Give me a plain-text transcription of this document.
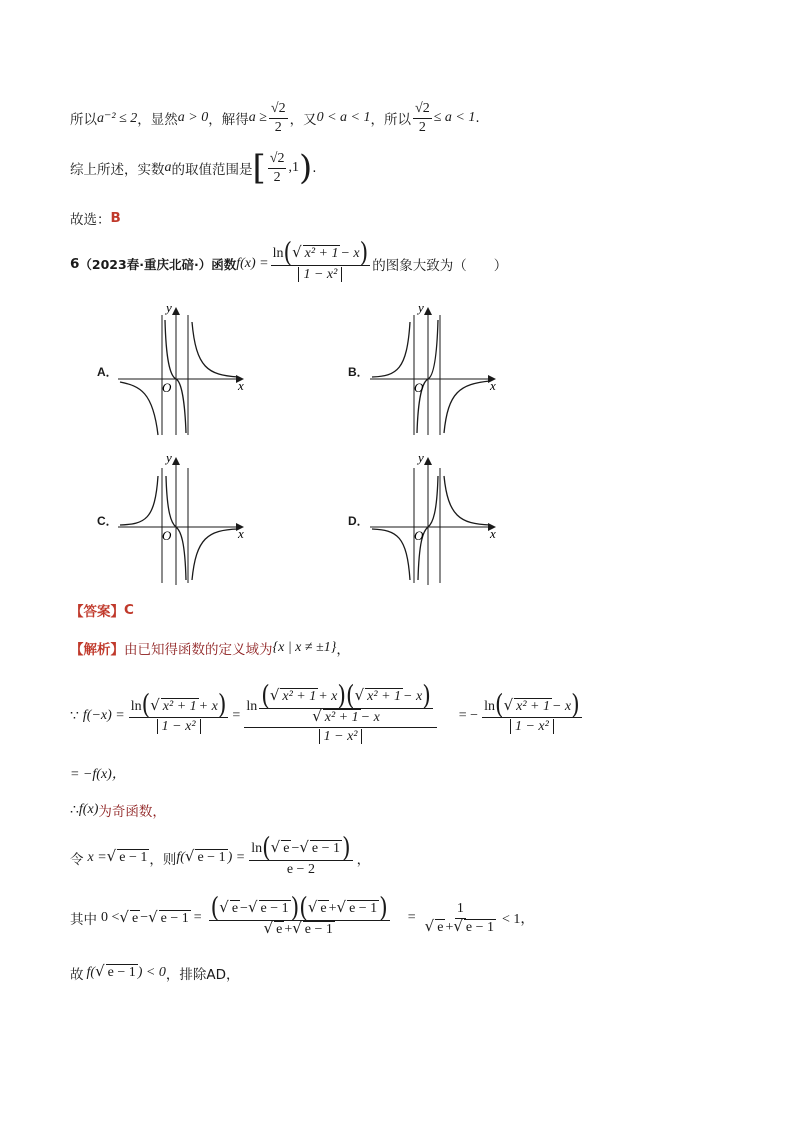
所以 a⁻² ≤ 2 ，显然 a > 0 ，解得 $a \ge \frac{√2}{2}$ ，又 0 < a < 1 ，所以 $\frac{√2}{2} \le a < 1$ .
综上所述，实数 a 的取值范围是 [ $\frac{√2}{2} ,1$ ) .
故选： B
6 （2023春·重庆北碚·）函数 $f(x) = \frac{\text{ln ( √ x² + 1 − x )}}{\text{1 − x²}}$ 的图象大致为（　　）
A．	B．
C．	D．
y
x
O
y
x
O
y
x
O
y
x
O
【答案】 C
【解析】 由已知得函数的定义域为 {x | x ≠ ±1} ，
∵ $f(-x) = \frac{\text{ln ( √ x² + 1 + x )}}{\text{1 − x²}}$ =
ln ( √ x² + 1 + x ) ( √ x² + 1 − x )
√ x² + 1 − x
1 − x²
= − $\frac{\text{ln ( √ x² + 1 − x )}}{\text{1 − x²}}$
= −f(x)，
∴ f(x) 为奇函数，
令 x = √ e − 1 ，则 f( √ e − 1 ) = $\frac{\ln ( √ e - √ e - 1 )}{e - 2}$ ，
其中 0 < √ e − √ e − 1 = ( √ e − √ e − 1 ) ( √ e + √ e − 1 )
√ e + √ e − 1
= $\frac{1}{√ e + √ e - 1} < 1$，
故 f( √ e − 1 ) < 0 ，排除AD，
